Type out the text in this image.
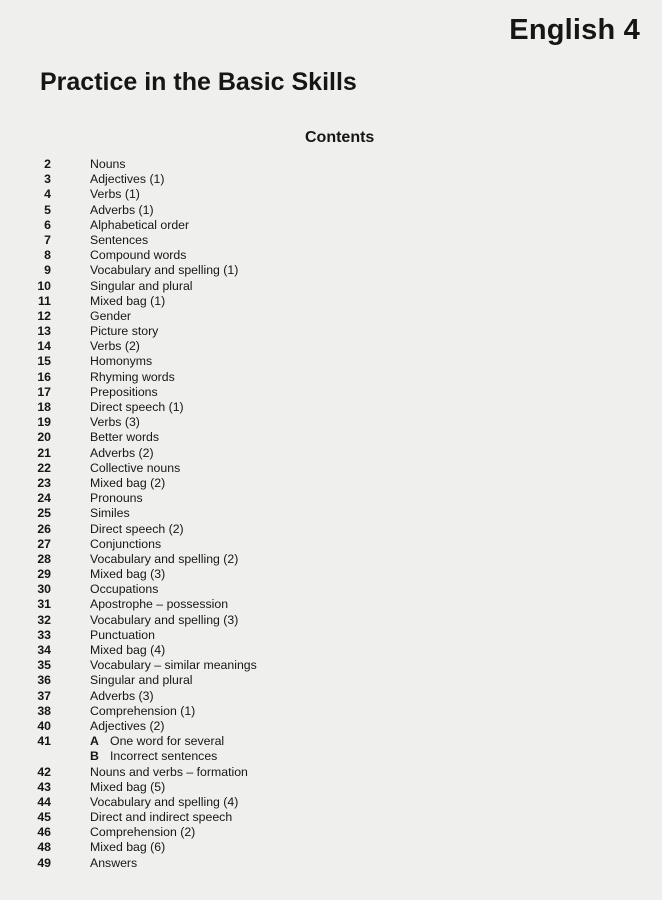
English 4
Practice in the Basic Skills
Contents
2	Nouns
3	Adjectives (1)
4	Verbs (1)
5	Adverbs (1)
6	Alphabetical order
7	Sentences
8	Compound words
9	Vocabulary and spelling (1)
10	Singular and plural
11	Mixed bag (1)
12	Gender
13	Picture story
14	Verbs (2)
15	Homonyms
16	Rhyming words
17	Prepositions
18	Direct speech (1)
19	Verbs (3)
20	Better words
21	Adverbs (2)
22	Collective nouns
23	Mixed bag (2)
24	Pronouns
25	Similes
26	Direct speech (2)
27	Conjunctions
28	Vocabulary and spelling (2)
29	Mixed bag (3)
30	Occupations
31	Apostrophe – possession
32	Vocabulary and spelling (3)
33	Punctuation
34	Mixed bag (4)
35	Vocabulary – similar meanings
36	Singular and plural
37	Adverbs (3)
38	Comprehension (1)
40	Adjectives (2)
41	A One word for several
B Incorrect sentences
42	Nouns and verbs – formation
43	Mixed bag (5)
44	Vocabulary and spelling (4)
45	Direct and indirect speech
46	Comprehension (2)
48	Mixed bag (6)
49	Answers
